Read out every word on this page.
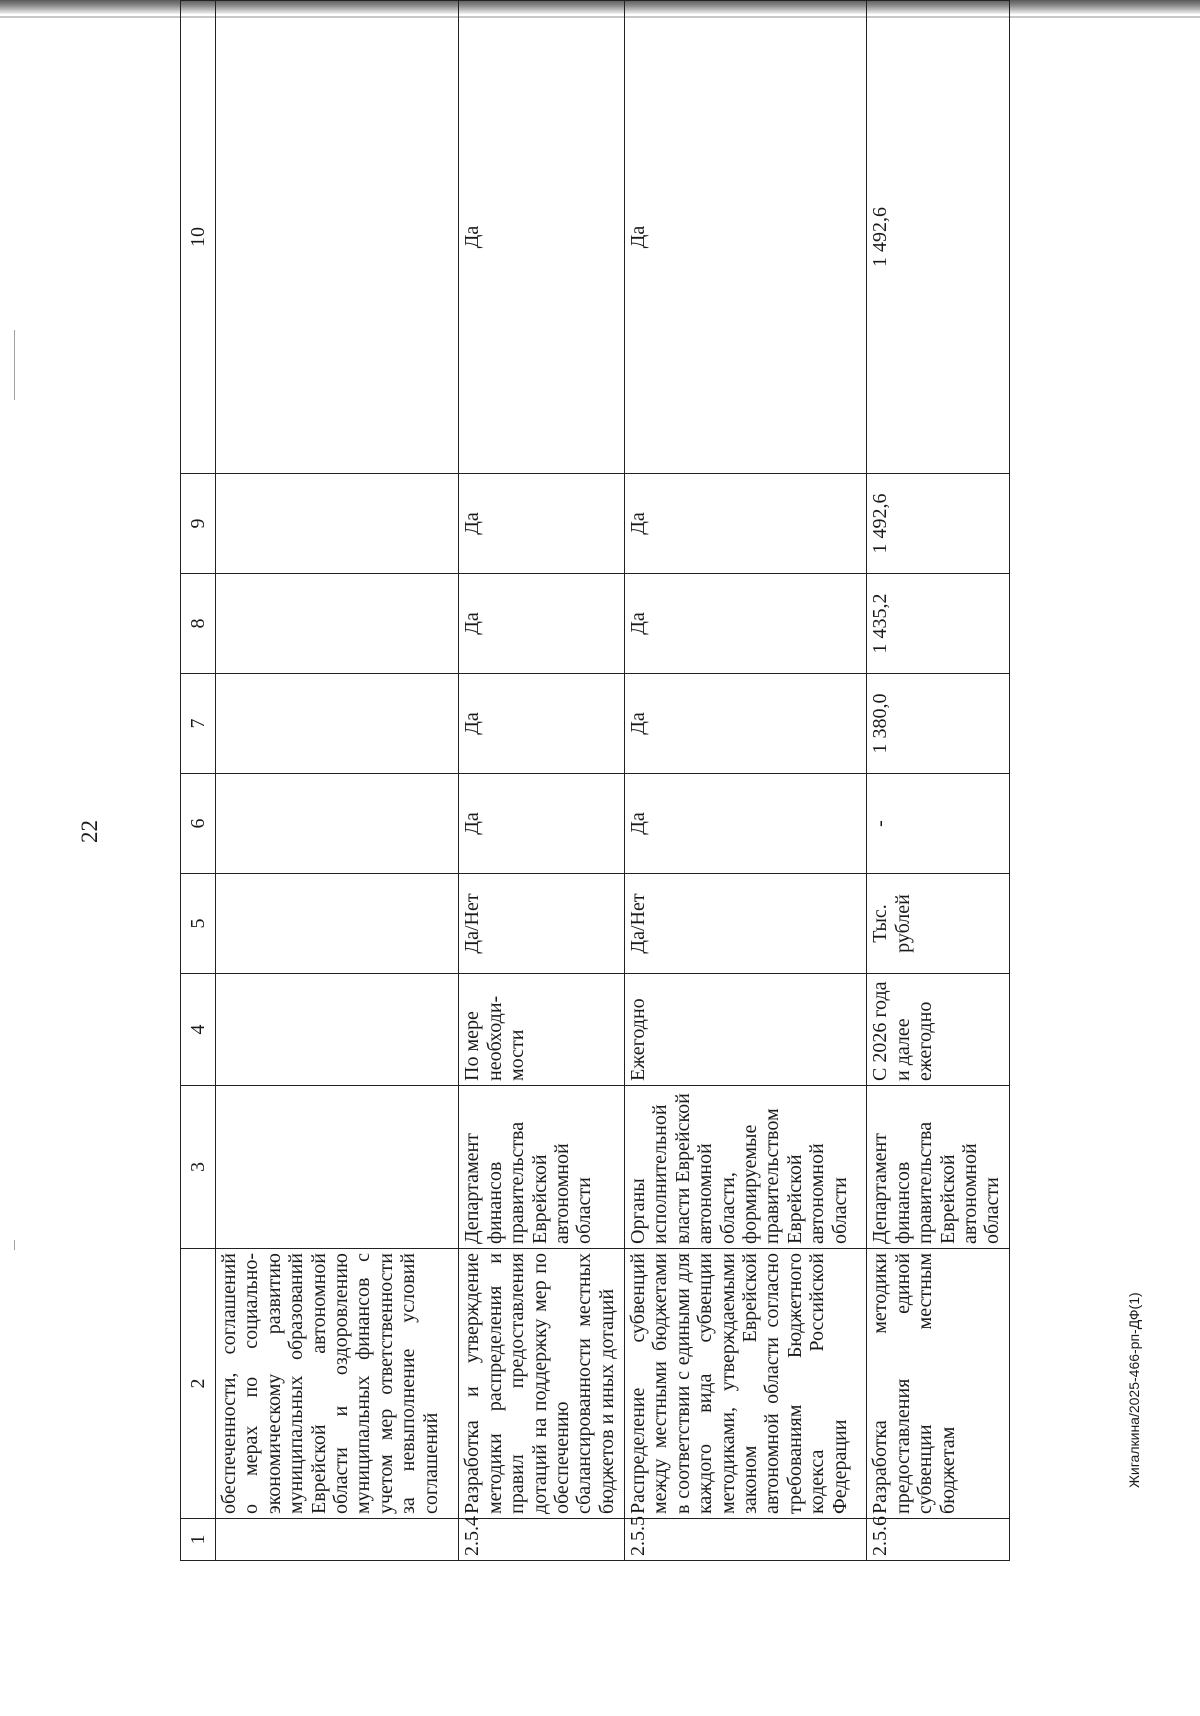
22
Жигалкина/2025-466-рп-ДФ(1)
1	2	3	4	5	6	7	8	9	10
	обеспеченности, соглашений о мерах по социально-экономическому развитию муниципальных образований Еврейской автономной области и оздоровлению муниципальных финансов с учетом мер ответственности за невыполнение условий соглашений								
2.5.4	Разработка и утверждение методики распределения и правил предоставления дотаций на поддержку мер по обеспечению сбалансированности местных бюджетов и иных дотаций	Департамент финансов правительства Еврейской автономной области	По мере необходи-мости	Да/Нет	Да	Да	Да	Да	Да
2.5.5	Распределение субвенций между местными бюджетами в соответствии с едиными для каждого вида субвенции методиками, утверждаемыми законом Еврейской автономной области согласно требованиям Бюджетного кодекса Российской Федерации	Органы исполнительной власти Еврейской автономной области, формируемые правительством Еврейской автономной области	Ежегодно	Да/Нет	Да	Да	Да	Да	Да
2.5.6	Разработка методики предоставления единой субвенции местным бюджетам	Департамент финансов правительства Еврейской автономной области	С 2026 года и далее ежегодно	Тыс. рублей	-	1 380,0	1 435,2	1 492,6	1 492,6
